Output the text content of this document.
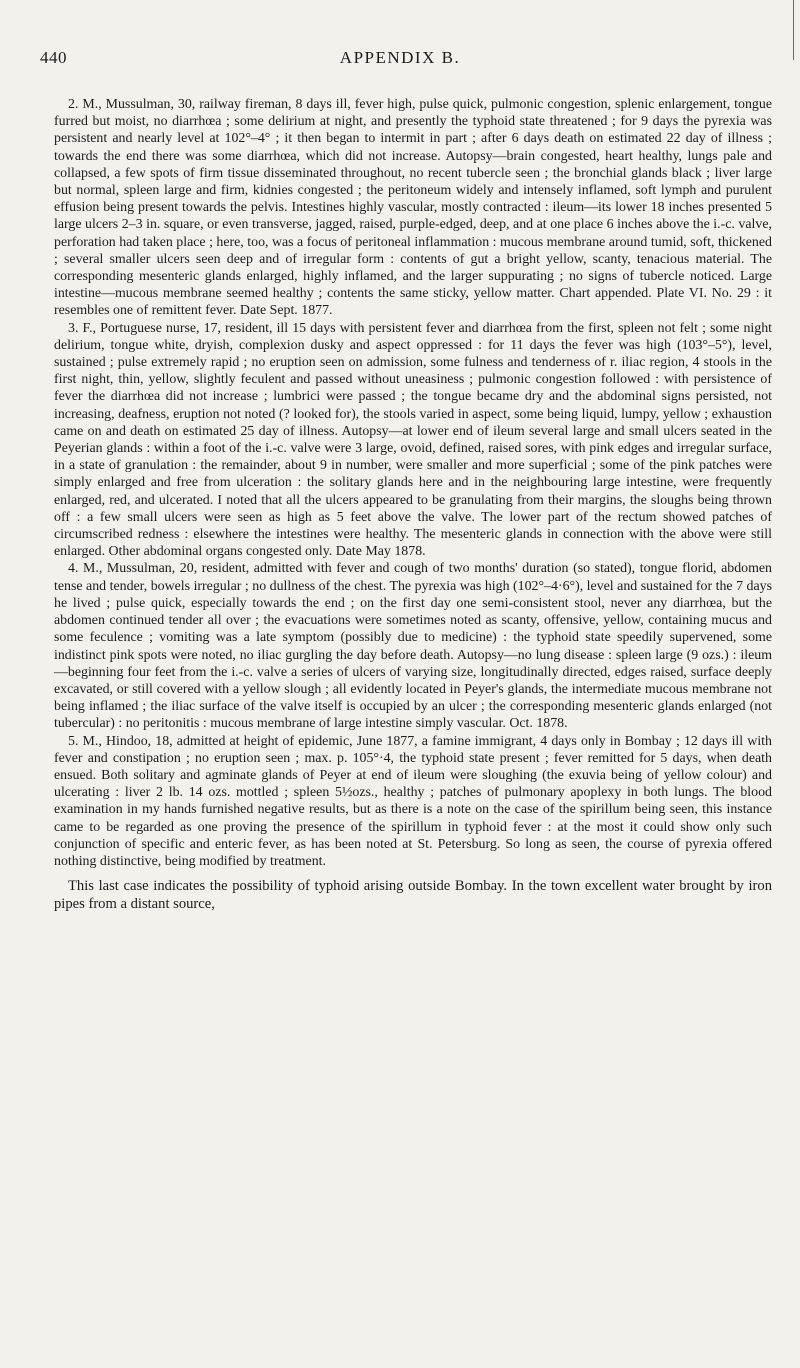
440	APPENDIX B.

2. M., Mussulman, 30, railway fireman, 8 days ill, fever high, pulse quick, pulmonic congestion, splenic enlargement, tongue furred but moist, no diarrhœa ; some delirium at night, and presently the typhoid state threatened ; for 9 days the pyrexia was persistent and nearly level at 102°–4° ; it then began to intermit in part ; after 6 days death on estimated 22 day of illness ; towards the end there was some diarrhœa, which did not increase. Autopsy—brain congested, heart healthy, lungs pale and collapsed, a few spots of firm tissue disseminated throughout, no recent tubercle seen ; the bronchial glands black ; liver large but normal, spleen large and firm, kidnies congested ; the peritoneum widely and intensely inflamed, soft lymph and purulent effusion being present towards the pelvis. Intestines highly vascular, mostly contracted : ileum—its lower 18 inches presented 5 large ulcers 2–3 in. square, or even transverse, jagged, raised, purple-edged, deep, and at one place 6 inches above the i.-c. valve, perforation had taken place ; here, too, was a focus of peritoneal inflammation : mucous membrane around tumid, soft, thickened ; several smaller ulcers seen deep and of irregular form : contents of gut a bright yellow, scanty, tenacious material. The corresponding mesenteric glands enlarged, highly inflamed, and the larger suppurating ; no signs of tubercle noticed. Large intestine—mucous membrane seemed healthy ; contents the same sticky, yellow matter. Chart appended. Plate VI. No. 29 : it resembles one of remittent fever. Date Sept. 1877.

3. F., Portuguese nurse, 17, resident, ill 15 days with persistent fever and diarrhœa from the first, spleen not felt ; some night delirium, tongue white, dryish, complexion dusky and aspect oppressed : for 11 days the fever was high (103°–5°), level, sustained ; pulse extremely rapid ; no eruption seen on admission, some fulness and tenderness of r. iliac region, 4 stools in the first night, thin, yellow, slightly feculent and passed without uneasiness ; pulmonic congestion followed : with persistence of fever the diarrhœa did not increase ; lumbrici were passed ; the tongue became dry and the abdominal signs persisted, not increasing, deafness, eruption not noted (? looked for), the stools varied in aspect, some being liquid, lumpy, yellow ; exhaustion came on and death on estimated 25 day of illness. Autopsy—at lower end of ileum several large and small ulcers seated in the Peyerian glands : within a foot of the i.-c. valve were 3 large, ovoid, defined, raised sores, with pink edges and irregular surface, in a state of granulation : the remainder, about 9 in number, were smaller and more superficial ; some of the pink patches were simply enlarged and free from ulceration : the solitary glands here and in the neighbouring large intestine, were frequently enlarged, red, and ulcerated. I noted that all the ulcers appeared to be granulating from their margins, the sloughs being thrown off : a few small ulcers were seen as high as 5 feet above the valve. The lower part of the rectum showed patches of circumscribed redness : elsewhere the intestines were healthy. The mesenteric glands in connection with the above were still enlarged. Other abdominal organs congested only. Date May 1878.

4. M., Mussulman, 20, resident, admitted with fever and cough of two months' duration (so stated), tongue florid, abdomen tense and tender, bowels irregular ; no dullness of the chest. The pyrexia was high (102°–4·6°), level and sustained for the 7 days he lived ; pulse quick, especially towards the end ; on the first day one semi-consistent stool, never any diarrhœa, but the abdomen continued tender all over ; the evacuations were sometimes noted as scanty, offensive, yellow, containing mucus and some feculence ; vomiting was a late symptom (possibly due to medicine) : the typhoid state speedily supervened, some indistinct pink spots were noted, no iliac gurgling the day before death. Autopsy—no lung disease : spleen large (9 ozs.) : ileum—beginning four feet from the i.-c. valve a series of ulcers of varying size, longitudinally directed, edges raised, surface deeply excavated, or still covered with a yellow slough ; all evidently located in Peyer's glands, the intermediate mucous membrane not being inflamed ; the iliac surface of the valve itself is occupied by an ulcer ; the corresponding mesenteric glands enlarged (not tubercular) : no peritonitis : mucous membrane of large intestine simply vascular. Oct. 1878.

5. M., Hindoo, 18, admitted at height of epidemic, June 1877, a famine immigrant, 4 days only in Bombay ; 12 days ill with fever and constipation ; no eruption seen ; max. p. 105°·4, the typhoid state present ; fever remitted for 5 days, when death ensued. Both solitary and agminate glands of Peyer at end of ileum were sloughing (the exuvia being of yellow colour) and ulcerating : liver 2 lb. 14 ozs. mottled ; spleen 5½ozs., healthy ; patches of pulmonary apoplexy in both lungs. The blood examination in my hands furnished negative results, but as there is a note on the case of the spirillum being seen, this instance came to be regarded as one proving the presence of the spirillum in typhoid fever : at the most it could show only such conjunction of specific and enteric fever, as has been noted at St. Petersburg. So long as seen, the course of pyrexia offered nothing distinctive, being modified by treatment.

This last case indicates the possibility of typhoid arising outside Bombay. In the town excellent water brought by iron pipes from a distant source,
